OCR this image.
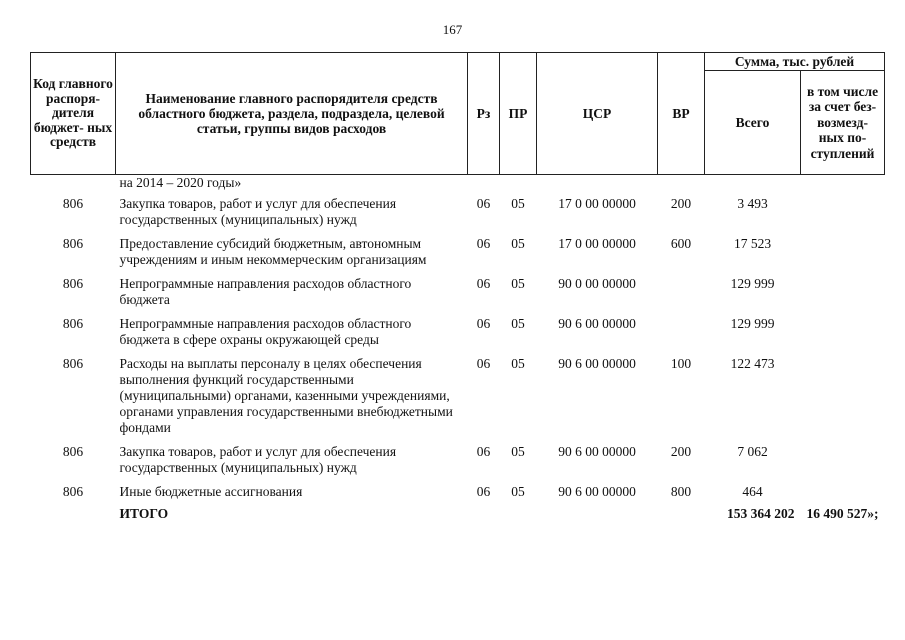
167
Код главного распоря- дителя бюджет- ных средств	Наименование главного распорядителя средств областного бюджета, раздела, подраздела, целевой статьи, группы видов расходов	Рз	ПР	ЦСР	ВР	Сумма, тыс. рублей	
						Всего	в том числе за счет без- возмезд- ных по- ступлений
	на 2014 – 2020 годы»						
806	Закупка товаров, работ и услуг для обеспечения государственных (муниципальных) нужд	06	05	17 0 00 00000	200	3 493	
806	Предоставление субсидий бюджетным, автономным учреждениям и иным некоммерческим организациям	06	05	17 0 00 00000	600	17 523	
806	Непрограммные направления расходов областного бюджета	06	05	90 0 00 00000		129 999	
806	Непрограммные направления расходов областного бюджета в сфере охраны окружающей среды	06	05	90 6 00 00000		129 999	
806	Расходы на выплаты персоналу в целях обеспечения выполнения функций государственными (муниципальными) органами, казенными учреждениями, органами управления государственными внебюджетными фондами	06	05	90 6 00 00000	100	122 473	
806	Закупка товаров, работ и услуг для обеспечения государственных (муниципальных) нужд	06	05	90 6 00 00000	200	7 062	
806	Иные бюджетные ассигнования	06	05	90 6 00 00000	800	464	
	ИТОГО					153 364 202	16 490 527»;
